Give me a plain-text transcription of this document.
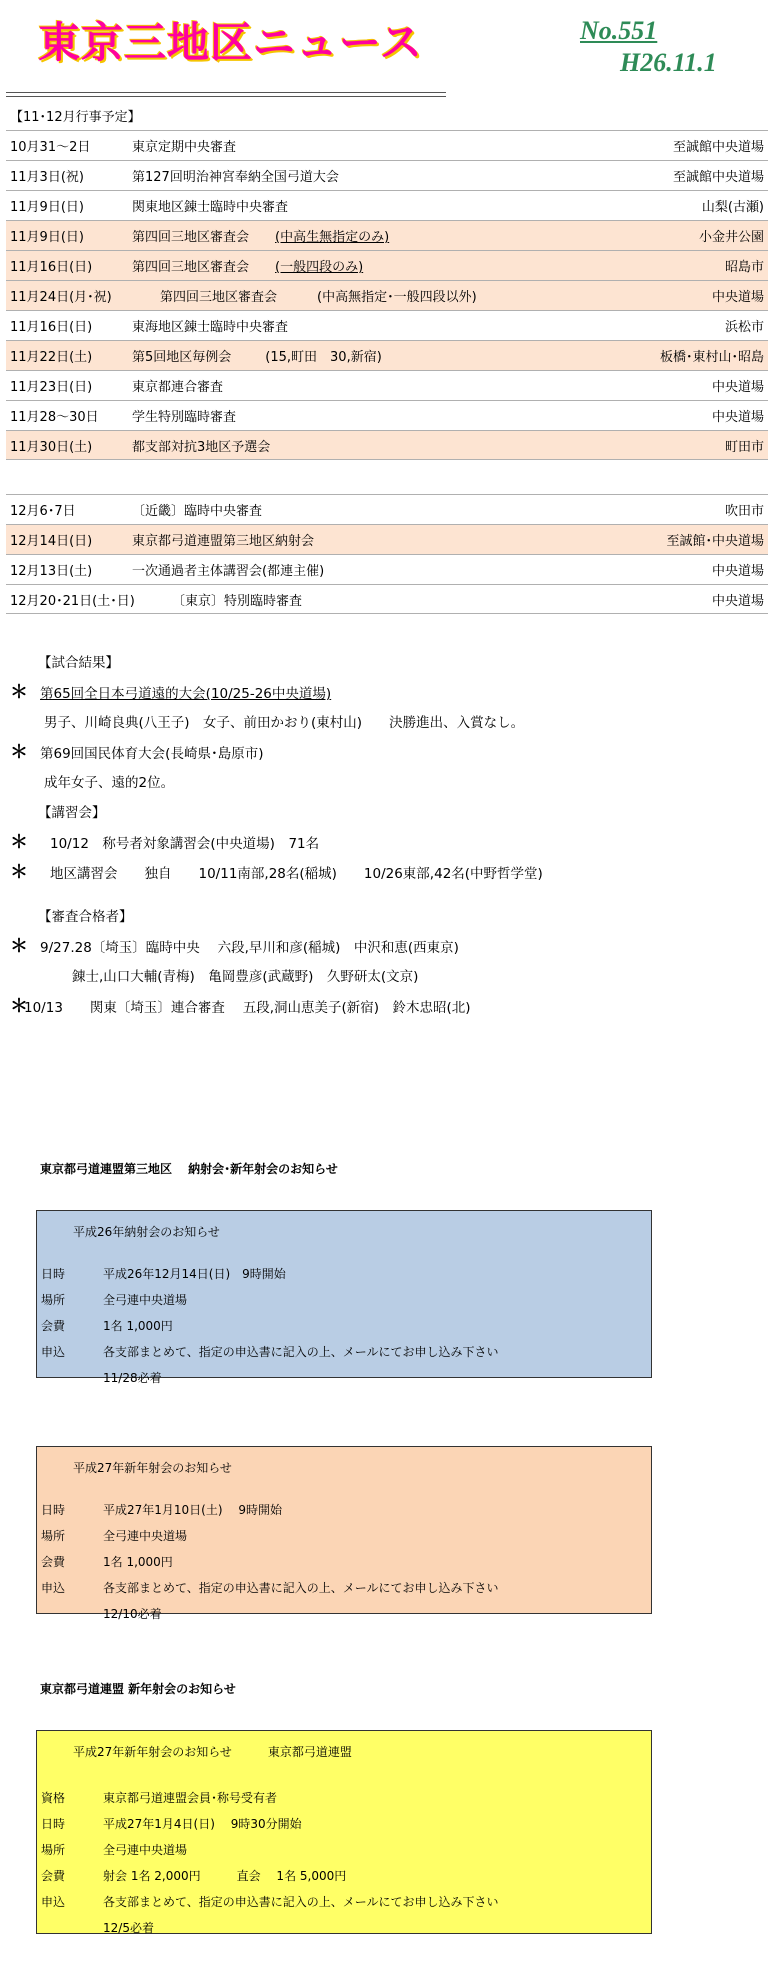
東京三地区ニュース	No.551
H26.11.1
【11･12月行事予定】
10月31～2日	東京定期中央審査	至誠館中央道場
11月3日(祝)	第127回明治神宮奉納全国弓道大会	至誠館中央道場
11月9日(日)	関東地区錬士臨時中央審査	山梨(古瀬)
11月9日(日)	第四回三地区審査会 (中高生無指定のみ)	小金井公園
11月16日(日)	第四回三地区審査会 (一般四段のみ)	昭島市
11月24日(月･祝)	第四回三地区審査会	(中高無指定･一般四段以外)	中央道場
11月16日(日)	東海地区錬士臨時中央審査	浜松市
11月22日(土)	第5回地区毎例会	(15,町田　30,新宿)	板橋･東村山･昭島
11月23日(日)	東京都連合審査	中央道場
11月28～30日	学生特別臨時審査	中央道場
11月30日(土)	都支部対抗3地区予選会	町田市
12月6･7日	〔近畿〕臨時中央審査	吹田市
12月14日(日)	東京都弓道連盟第三地区納射会	至誠館･中央道場
12月13日(土)	一次通過者主体講習会(都連主催)	中央道場
12月20･21日(土･日)	〔東京〕特別臨時審査	中央道場
【試合結果】
＊ 第65回全日本弓道遠的大会(10/25-26中央道場)
男子、川崎良典(八王子)　女子、前田かおり(東村山)　　決勝進出、入賞なし。
＊ 第69回国民体育大会(長崎県･島原市)
成年女子、遠的2位。
【講習会】
＊ 10/12　称号者対象講習会(中央道場)　71名
＊ 地区講習会　　独自　　10/11南部,28名(稲城)　　10/26東部,42名(中野哲学堂)
【審査合格者】
＊ 9/27.28〔埼玉〕臨時中央　 六段,早川和彦(稲城)　中沢和恵(西東京)
錬士,山口大輔(青梅)　亀岡豊彦(武蔵野)　久野研太(文京)
＊10/13　　関東〔埼玉〕連合審査　 五段,洞山恵美子(新宿)　鈴木忠昭(北)
東京都弓道連盟第三地区　 納射会･新年射会のお知らせ
平成26年納射会のお知らせ
日時	平成26年12月14日(日)　9時開始
場所	全弓連中央道場
会費	1名 1,000円
申込	各支部まとめて、指定の申込書に記入の上、メールにてお申し込み下さい
11/28必着
平成27年新年射会のお知らせ
日時	平成27年1月10日(土)　 9時開始
場所	全弓連中央道場
会費	1名 1,000円
申込	各支部まとめて、指定の申込書に記入の上、メールにてお申し込み下さい
12/10必着
東京都弓道連盟 新年射会のお知らせ
平成27年新年射会のお知らせ	東京都弓道連盟
資格	東京都弓道連盟会員･称号受有者
日時	平成27年1月4日(日)　 9時30分開始
場所	全弓連中央道場
会費	射会 1名 2,000円　　　直会　 1名 5,000円
申込	各支部まとめて、指定の申込書に記入の上、メールにてお申し込み下さい
12/5必着
